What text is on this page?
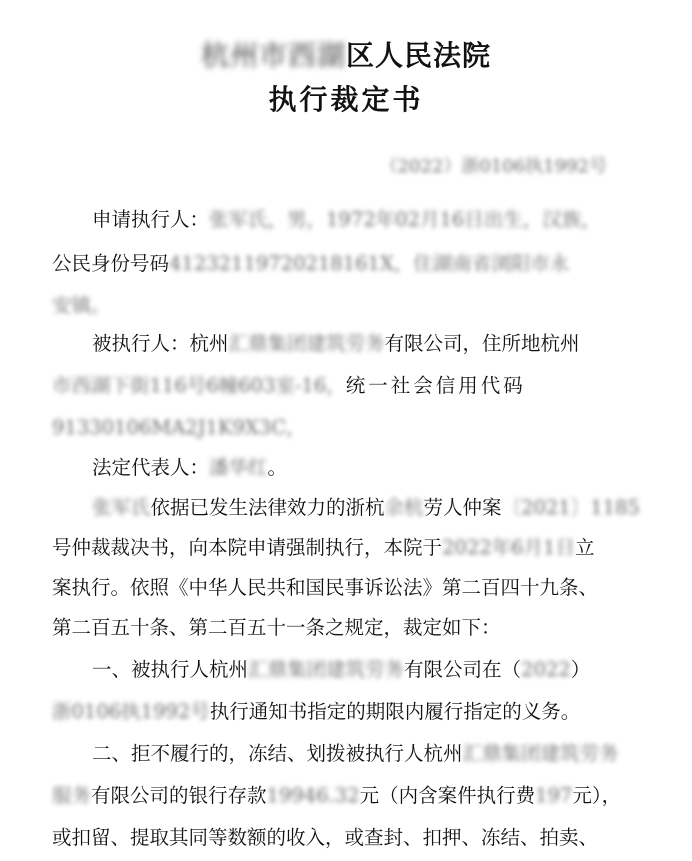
杭州市西湖区人民法院
执行裁定书
（2022）浙0106执1992号
申请执行人：张军氏，男，1972年02月16日出生，汉族，
公民身份号码41232119720218161X，住湖南省浏阳市永
安镇。
被执行人：杭州汇鼎集团建筑劳务有限公司，住所地杭州
市西湖下街116号6幢603室-16，统一社会信用代码
91330106MA2J1K9X3C，
法定代表人：潘华红。
张军氏依据已发生法律效力的浙杭余杭劳人仲案〔2021〕1185
号仲裁裁决书，向本院申请强制执行，本院于2022年6月1日立
案执行。依照《中华人民共和国民事诉讼法》第二百四十九条、
第二百五十条、第二百五十一条之规定，裁定如下：
一、被执行人杭州汇鼎集团建筑劳务有限公司在（2022）
浙0106执1992号执行通知书指定的期限内履行指定的义务。
二、拒不履行的，冻结、划拨被执行人杭州汇鼎集团建筑劳务
服务有限公司的银行存款19946.32元（内含案件执行费197元），
或扣留、提取其同等数额的收入，或查封、扣押、冻结、拍卖、
